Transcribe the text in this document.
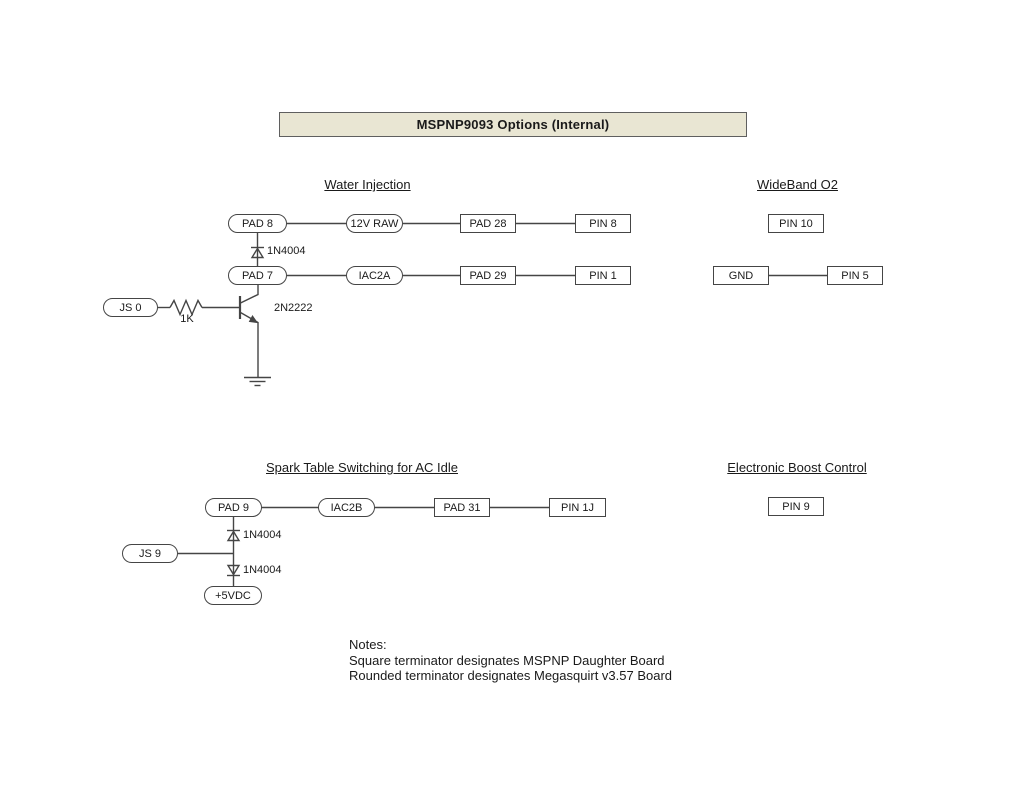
MSPNP9093 Options (Internal)
Water Injection	WideBand O2
Spark Table Switching for AC Idle	Electronic Boost Control
PAD 8	12V RAW	PAD 28	PIN 8
PAD 7	IAC2A	PAD 29	PIN 1
JS 0
PIN 10
GND	PIN 5
PAD 9	IAC2B	PAD 31	PIN 1J
JS 9
+5VDC
PIN 9
1N4004
1K
2N2222
1N4004
1N4004
Notes:
Square terminator designates MSPNP Daughter Board
Rounded terminator designates Megasquirt v3.57 Board
